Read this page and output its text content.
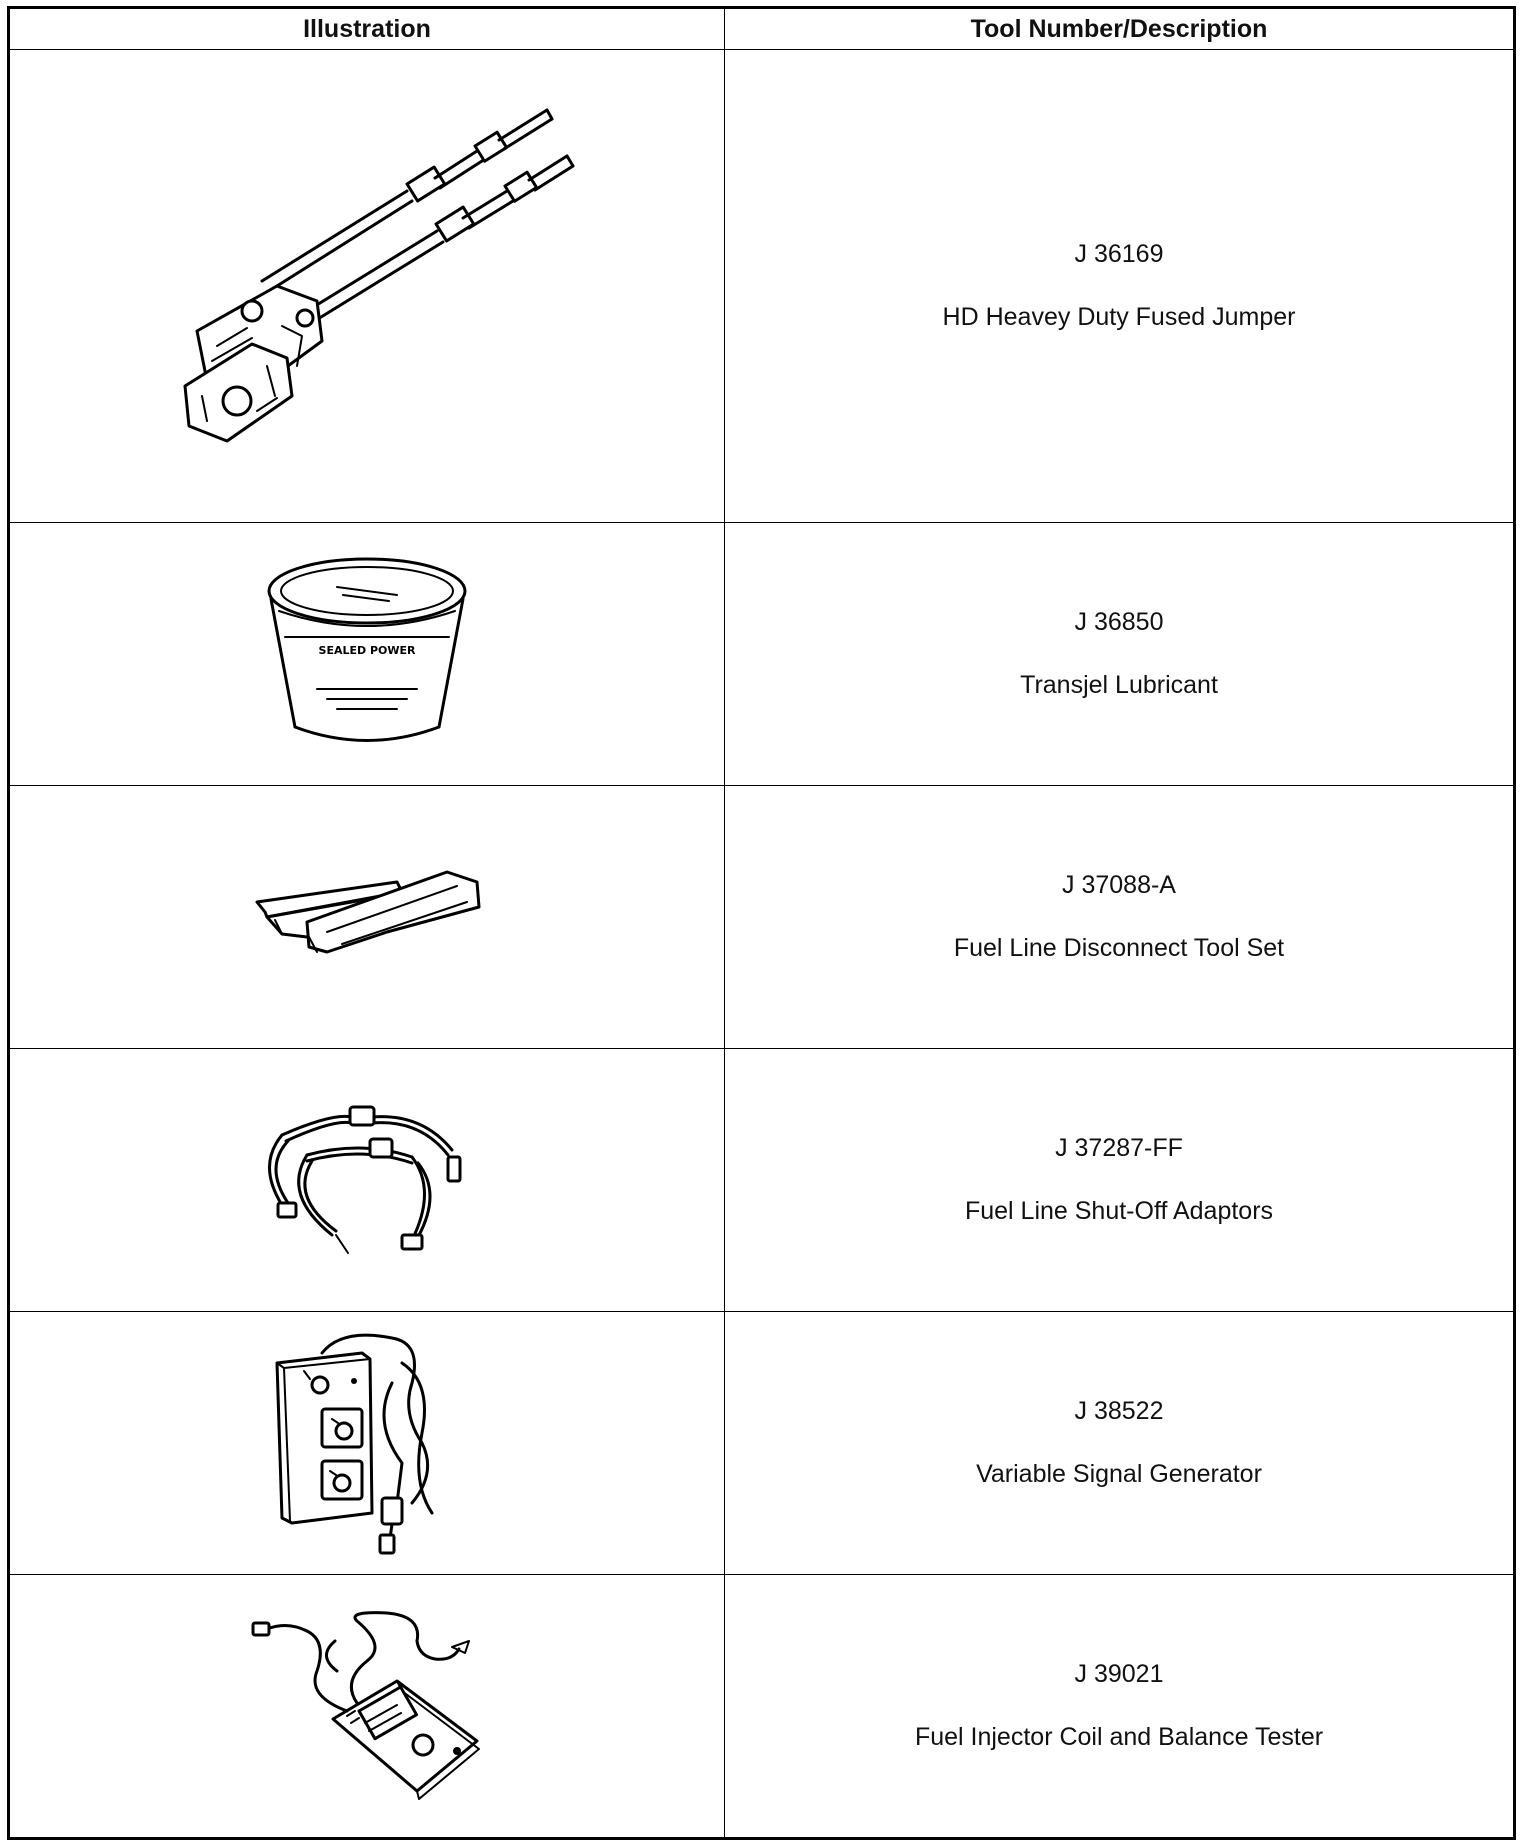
Illustration	Tool Number/Description

J 36169
HD Heavey Duty Fused Jumper

SEALED POWER	J 36850
Transjel Lubricant

J 37088-A
Fuel Line Disconnect Tool Set

J 37287-FF
Fuel Line Shut-Off Adaptors

J 38522
Variable Signal Generator

J 39021
Fuel Injector Coil and Balance Tester
